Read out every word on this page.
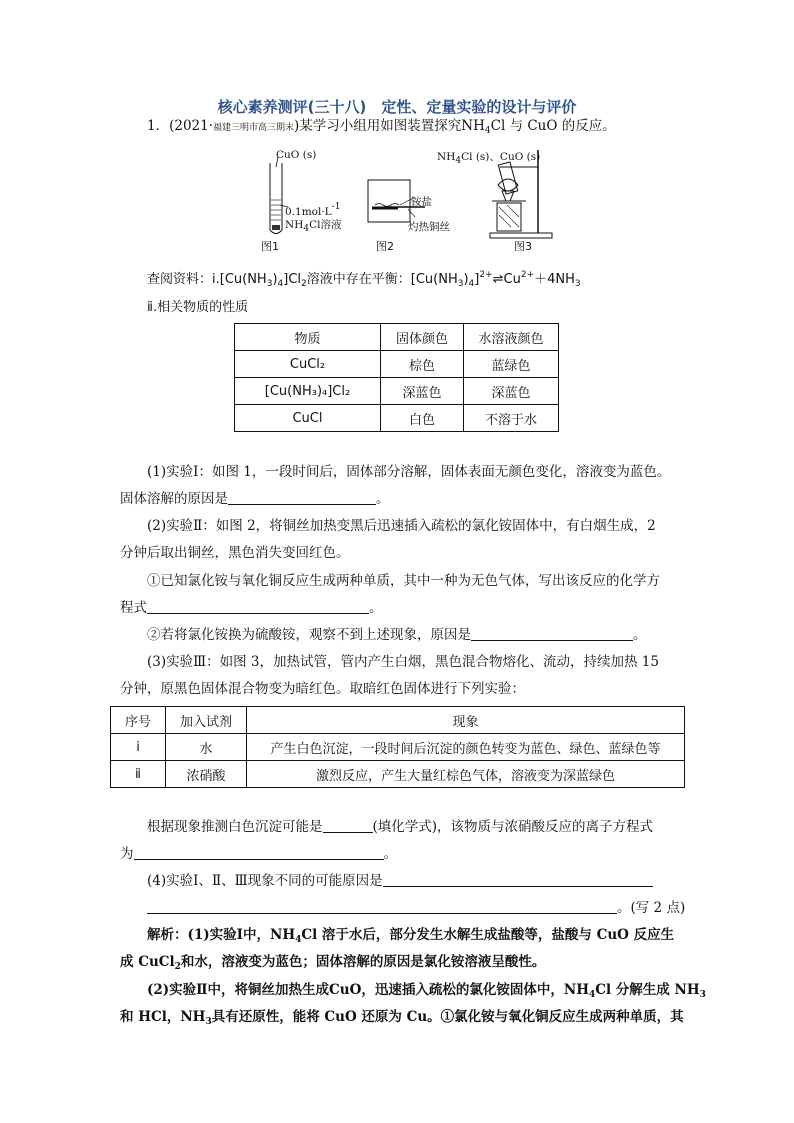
核心素养测评(三十八)　定性、定量实验的设计与评价
1．(2021·福建三明市高三期末)某学习小组用如图装置探究$NH_4Cl$ 与 CuO 的反应。
CuO (s)
0.1mol·L-1
NH4Cl溶液
铵盐
灼热铜丝
NH4Cl (s)、CuO (s)
图1	图2	图3
查阅资料：$ⅰ.[Cu(NH_3)_4]Cl_2$溶液中存在平衡：$[Cu(NH_3)_4]^{2+}\rightleftharpoons Cu^{2+}+4NH_3$
ⅱ.相关物质的性质
物质	固体颜色	水溶液颜色
CuCl₂	棕色	蓝绿色
[Cu(NH₃)₄]Cl₂	深蓝色	深蓝色
CuCl	白色	不溶于水
(1)实验Ⅰ：如图 1，一段时间后，固体部分溶解，固体表面无颜色变化，溶液变为蓝色。
固体溶解的原因是	。
(2)实验Ⅱ：如图 2，将铜丝加热变黑后迅速插入疏松的氯化铵固体中，有白烟生成，2
分钟后取出铜丝，黑色消失变回红色。
①已知氯化铵与氧化铜反应生成两种单质，其中一种为无色气体，写出该反应的化学方
程式	。
②若将氯化铵换为硫酸铵，观察不到上述现象，原因是	。
(3)实验Ⅲ：如图 3，加热试管，管内产生白烟，黑色混合物熔化、流动，持续加热 15
分钟，原黑色固体混合物变为暗红色。取暗红色固体进行下列实验：
序号	加入试剂	现象
ⅰ	水	产生白色沉淀，一段时间后沉淀的颜色转变为蓝色、绿色、蓝绿色等
ⅱ	浓硝酸	激烈反应，产生大量红棕色气体，溶液变为深蓝绿色
根据现象推测白色沉淀可能是	(填化学式)，该物质与浓硝酸反应的离子方程式
为	。
(4)实验Ⅰ、Ⅱ、Ⅲ现象不同的可能原因是
。(写 2 点)
解析：(1)实验Ⅰ中，$NH_4Cl$ 溶于水后，部分发生水解生成盐酸等，盐酸与 CuO 反应生
成 CuCl$_2$和水，溶液变为蓝色；固体溶解的原因是氯化铵溶液呈酸性。
(2)实验Ⅱ中，将铜丝加热生成CuO，迅速插入疏松的氯化铵固体中，$NH_4Cl$ 分解生成 $NH_3$
和 HCl，$NH_3$具有还原性，能将 CuO 还原为 Cu。①氯化铵与氧化铜反应生成两种单质，其
